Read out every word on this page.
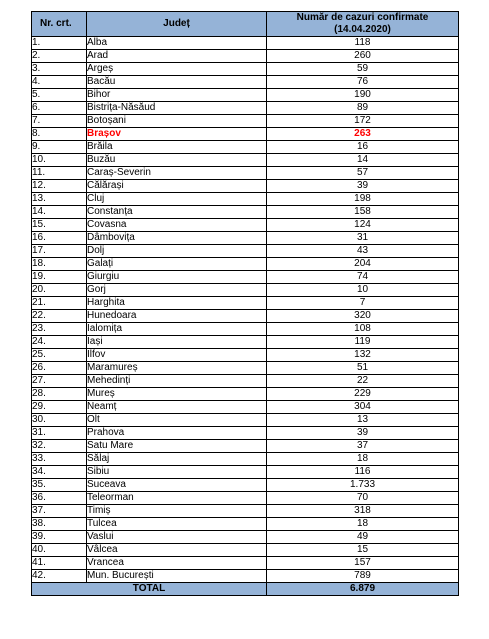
Nr. crt.	Județ	Număr de cazuri confirmate
(14.04.2020)

1.	Alba	118
2.	Arad	260
3.	Argeș	59
4.	Bacău	76
5.	Bihor	190
6.	Bistrița-Năsăud	89
7.	Botoșani	172
8.	Brașov	263
9.	Brăila	16
10.	Buzău	14
11.	Caraș-Severin	57
12.	Călărași	39
13.	Cluj	198
14.	Constanța	158
15.	Covasna	124
16.	Dâmbovița	31
17.	Dolj	43
18.	Galați	204
19.	Giurgiu	74
20.	Gorj	10
21.	Harghita	7
22.	Hunedoara	320
23.	Ialomița	108
24.	Iași	119
25.	Ilfov	132
26.	Maramureș	51
27.	Mehedinți	22
28.	Mureș	229
29.	Neamț	304
30.	Olt	13
31.	Prahova	39
32.	Satu Mare	37
33.	Sălaj	18
34.	Sibiu	116
35.	Suceava	1.733
36.	Teleorman	70
37.	Timiș	318
38.	Tulcea	18
39.	Vaslui	49
40.	Vâlcea	15
41.	Vrancea	157
42.	Mun. București	789
TOTAL		6.879
